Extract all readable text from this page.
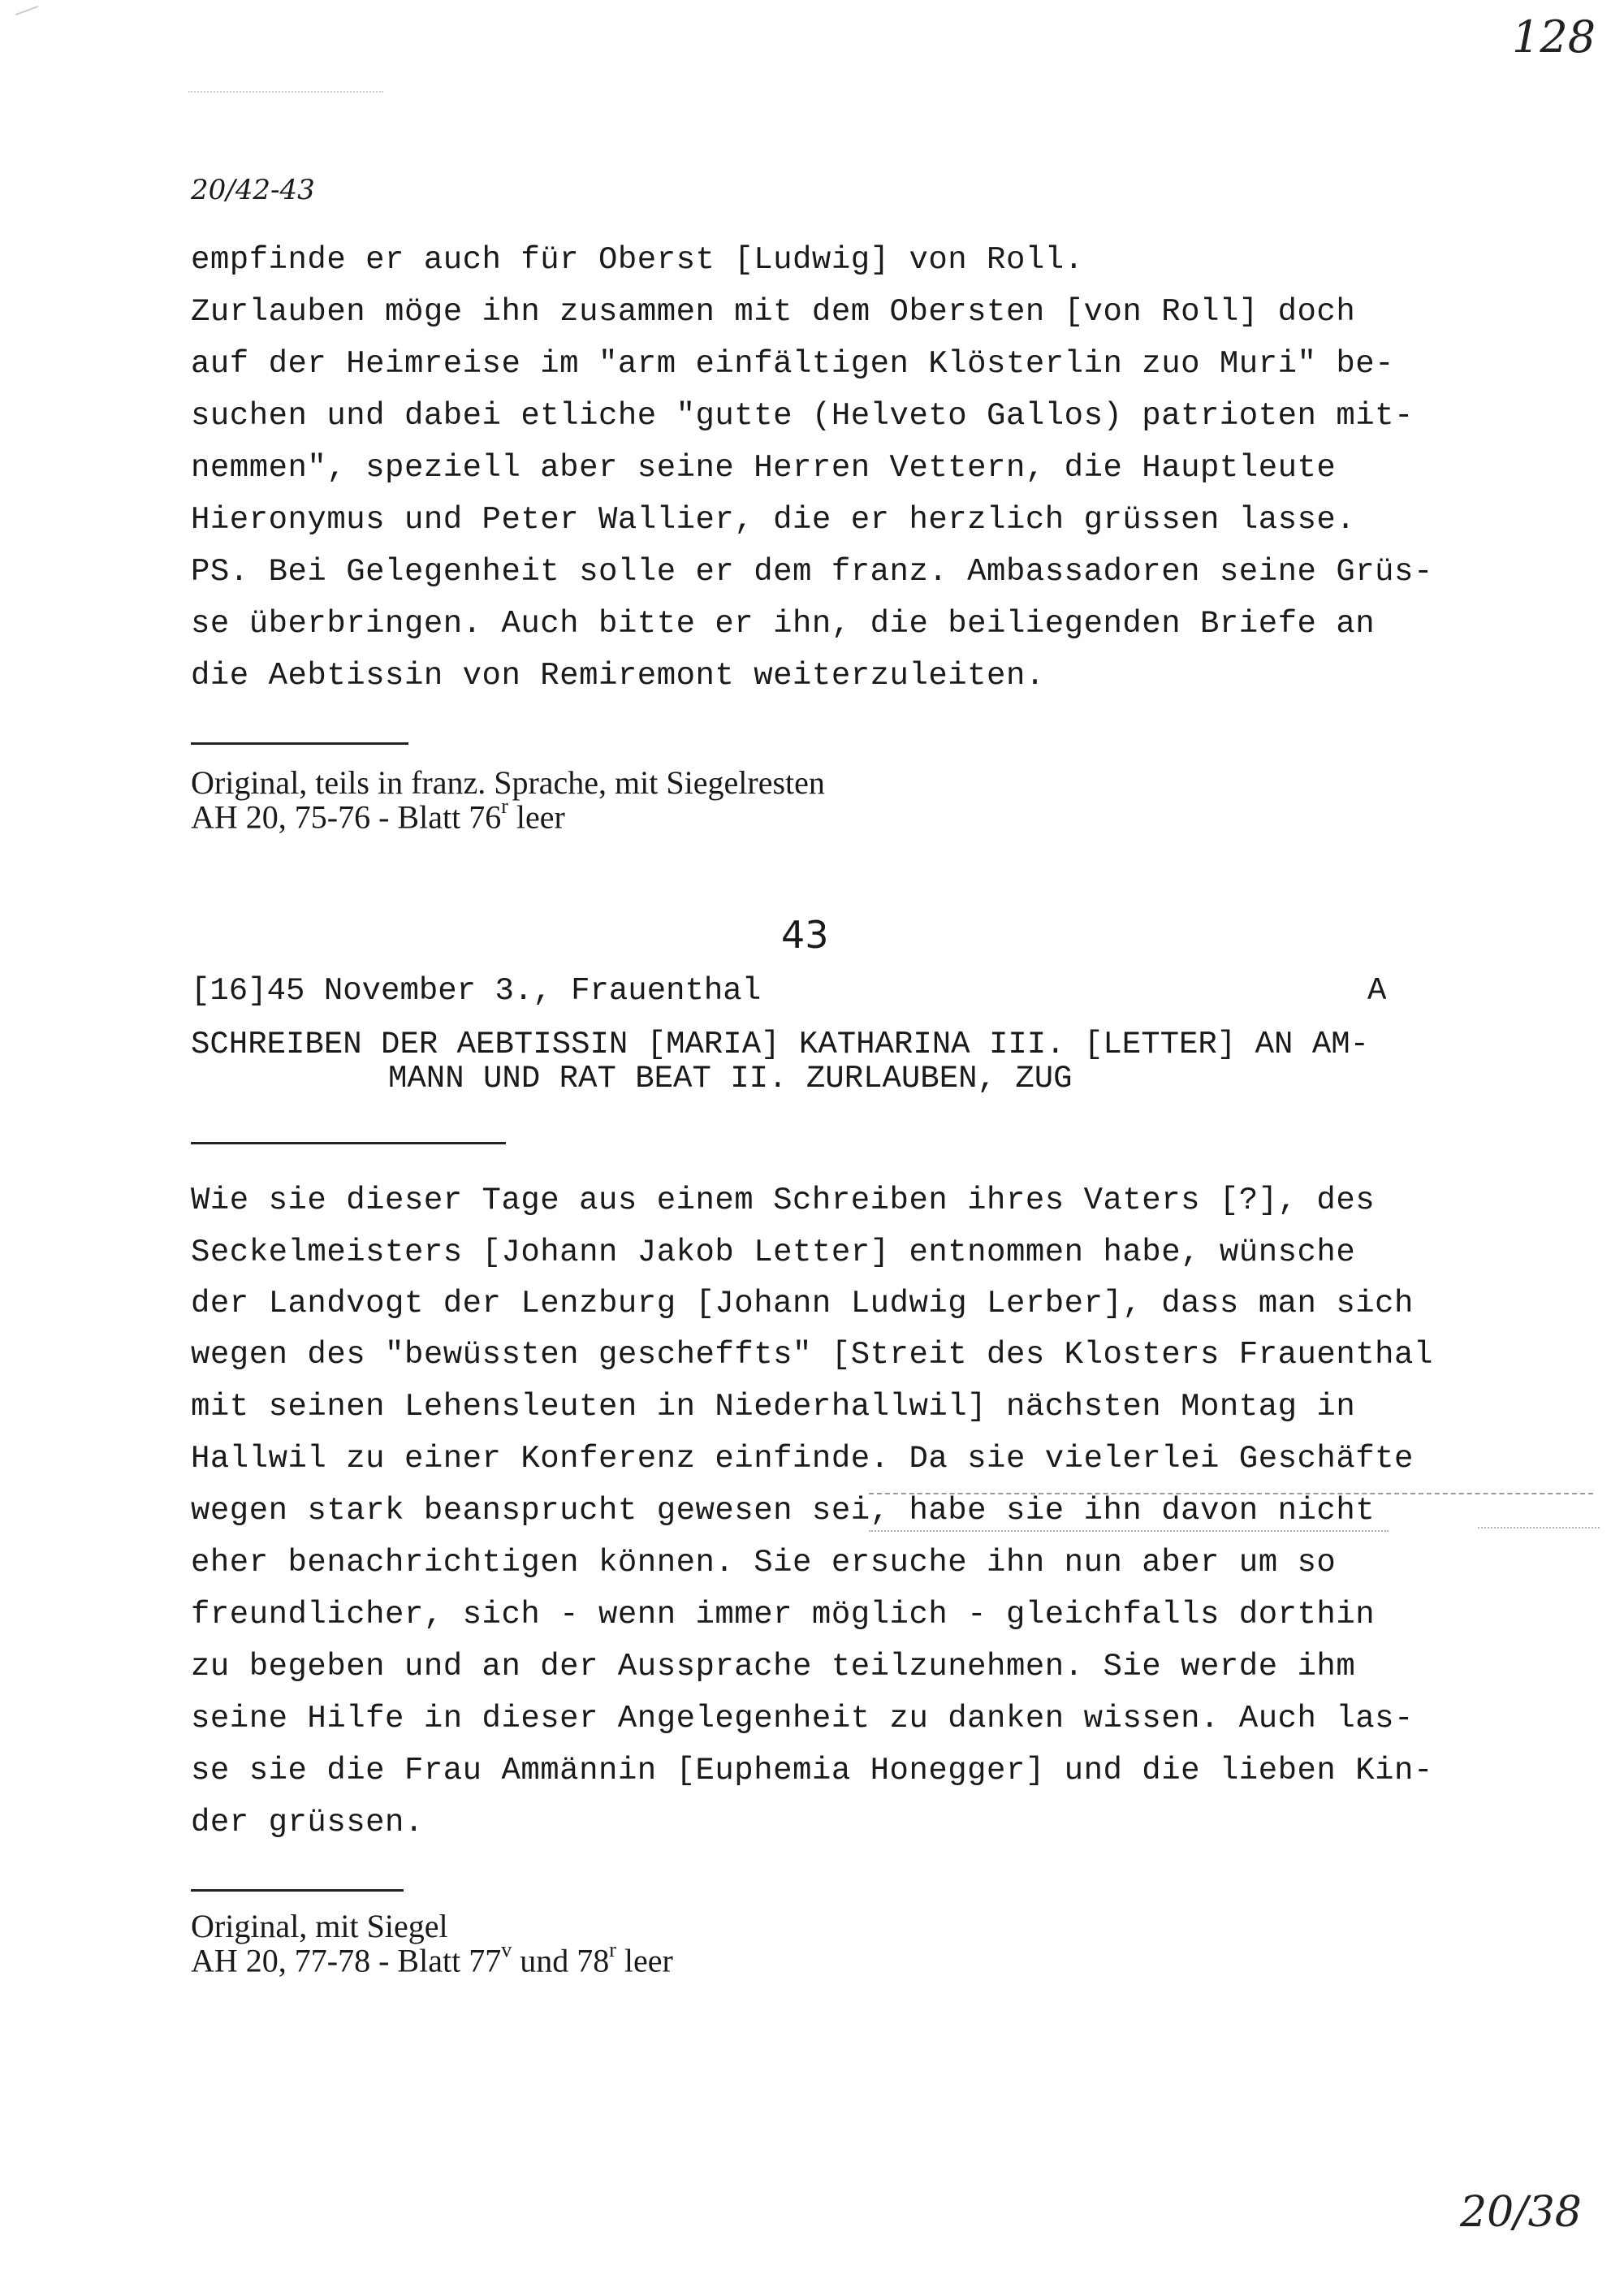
128
20/42-43
empfinde er auch für Oberst [Ludwig] von Roll.
Zurlauben möge ihn zusammen mit dem Obersten [von Roll] doch
auf der Heimreise im "arm einfältigen Klösterlin zuo Muri" be-
suchen und dabei etliche "gutte (Helveto Gallos) patrioten mit-
nemmen", speziell aber seine Herren Vettern, die Hauptleute
Hieronymus und Peter Wallier, die er herzlich grüssen lasse.
PS. Bei Gelegenheit solle er dem franz. Ambassadoren seine Grüs-
se überbringen. Auch bitte er ihn, die beiliegenden Briefe an
die Aebtissin von Remiremont weiterzuleiten.
Original, teils in franz. Sprache, mit Siegelresten
AH 20, 75-76 - Blatt 76$^r$ leer
43
[16]45 November 3., Frauenthal	A
SCHREIBEN DER AEBTISSIN [MARIA] KATHARINA III. [LETTER] AN AM-
MANN UND RAT BEAT II. ZURLAUBEN, ZUG
Wie sie dieser Tage aus einem Schreiben ihres Vaters [?], des
Seckelmeisters [Johann Jakob Letter] entnommen habe, wünsche
der Landvogt der Lenzburg [Johann Ludwig Lerber], dass man sich
wegen des "bewüssten gescheffts" [Streit des Klosters Frauenthal
mit seinen Lehensleuten in Niederhallwil] nächsten Montag in
Hallwil zu einer Konferenz einfinde. Da sie vielerlei Geschäfte
wegen stark beansprucht gewesen sei, habe sie ihn davon nicht
eher benachrichtigen können. Sie ersuche ihn nun aber um so
freundlicher, sich - wenn immer möglich - gleichfalls dorthin
zu begeben und an der Aussprache teilzunehmen. Sie werde ihm
seine Hilfe in dieser Angelegenheit zu danken wissen. Auch las-
se sie die Frau Ammännin [Euphemia Honegger] und die lieben Kin-
der grüssen.
Original, mit Siegel
AH 20, 77-78 - Blatt 77$^v$ und 78$^r$ leer
20/38
